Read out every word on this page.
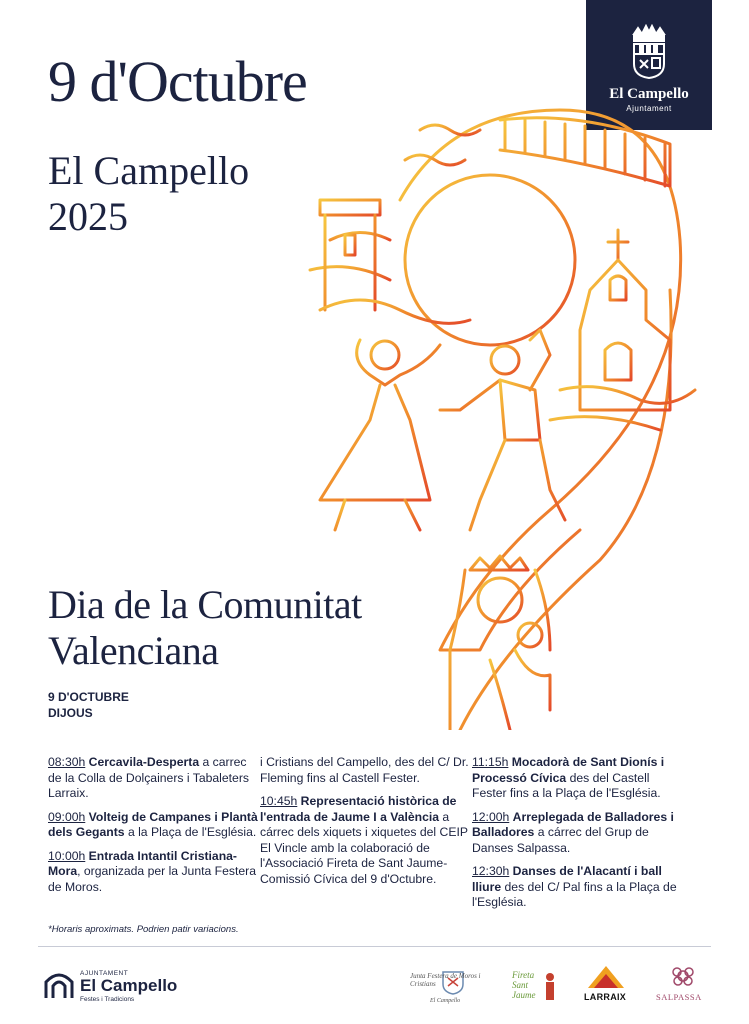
9 d'Octubre
El Campello
2025
El Campello
Ajuntament
Dia de la Comunitat
Valenciana
9 D'OCTUBRE
DIJOUS
08:30h Cercavila-Desperta a carrec de la Colla de Dolçainers i Tabaleters Larraix.
09:00h Volteig de Campanes i Plantà dels Gegants a la Plaça de l'Església.
10:00h Entrada Intantil Cristiana-Mora, organizada per la Junta Festera de Moros.
i Cristians del Campello, des del C/ Dr. Fleming fins al Castell Fester.
10:45h Representació històrica de l'entrada de Jaume I a València a cárrec dels xiquets i xiquetes del CEIP El Vincle amb la colaboració de l'Associació Fireta de Sant Jaume-Comissió Cívica del 9 d'Octubre.
11:15h Mocadorà de Sant Dionís i Processó Cívica des del Castell Fester fins a la Plaça de l'Església.
12:00h Arreplegada de Balladores i Balladores a cárrec del Grup de Danses Salpassa.
12:30h Danses de l'Alacantí i ball lliure des del C/ Pal fins a la Plaça de l'Església.
*Horaris aproximats. Podrien patir variacions.
AJUNTAMENT
El Campello
Festes i Tradicions
Junta Festera de Moros i Cristians
El Campello
Fireta Sant Jaume	LARRAIX	SALPASSA
